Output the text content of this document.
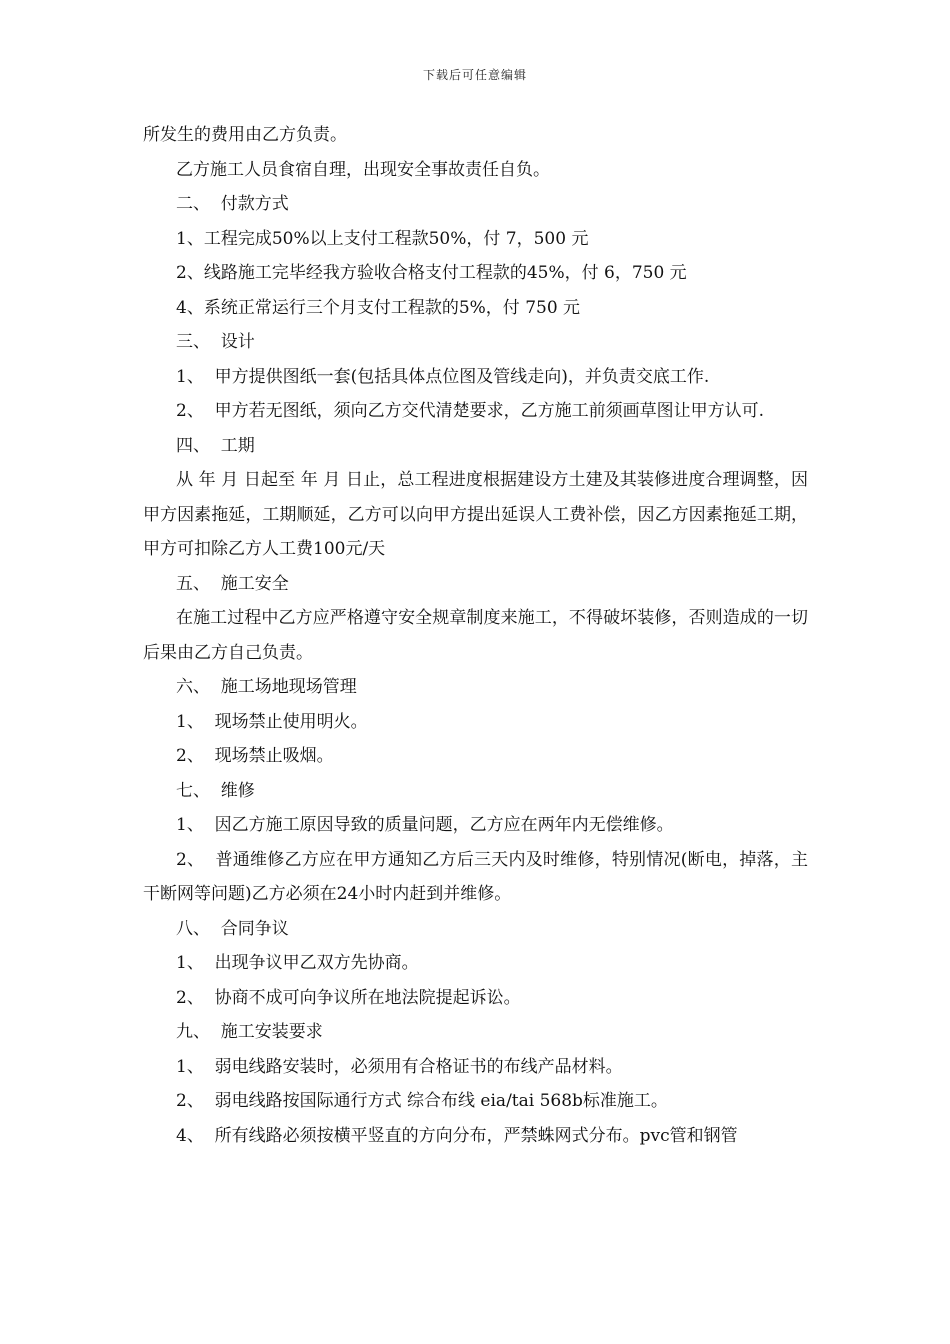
下载后可任意编辑

所发生的费用由乙方负责。

乙方施工人员食宿自理，出现安全事故责任自负。

二、  付款方式

1、工程完成50%以上支付工程款50%，付 7，500 元

2、线路施工完毕经我方验收合格支付工程款的45%，付 6，750 元

4、系统正常运行三个月支付工程款的5%，付 750 元

三、  设计

1、  甲方提供图纸一套(包括具体点位图及管线走向)，并负责交底工作.

2、  甲方若无图纸，须向乙方交代清楚要求，乙方施工前须画草图让甲方认可.

四、  工期

从 年 月 日起至 年 月 日止，总工程进度根据建设方土建及其装修进度合理调整，因甲方因素拖延，工期顺延，乙方可以向甲方提出延误人工费补偿，因乙方因素拖延工期，甲方可扣除乙方人工费100元/天

五、  施工安全

在施工过程中乙方应严格遵守安全规章制度来施工，不得破坏装修，否则造成的一切后果由乙方自己负责。

六、  施工场地现场管理

1、  现场禁止使用明火。

2、  现场禁止吸烟。

七、  维修

1、  因乙方施工原因导致的质量问题，乙方应在两年内无偿维修。

2、  普通维修乙方应在甲方通知乙方后三天内及时维修，特别情况(断电，掉落，主干断网等问题)乙方必须在24小时内赶到并维修。

八、  合同争议

1、  出现争议甲乙双方先协商。

2、  协商不成可向争议所在地法院提起诉讼。

九、  施工安装要求

1、  弱电线路安装时，必须用有合格证书的布线产品材料。

2、  弱电线路按国际通行方式 综合布线 eia/tai 568b标准施工。

4、  所有线路必须按横平竖直的方向分布，严禁蛛网式分布。pvc管和钢管
